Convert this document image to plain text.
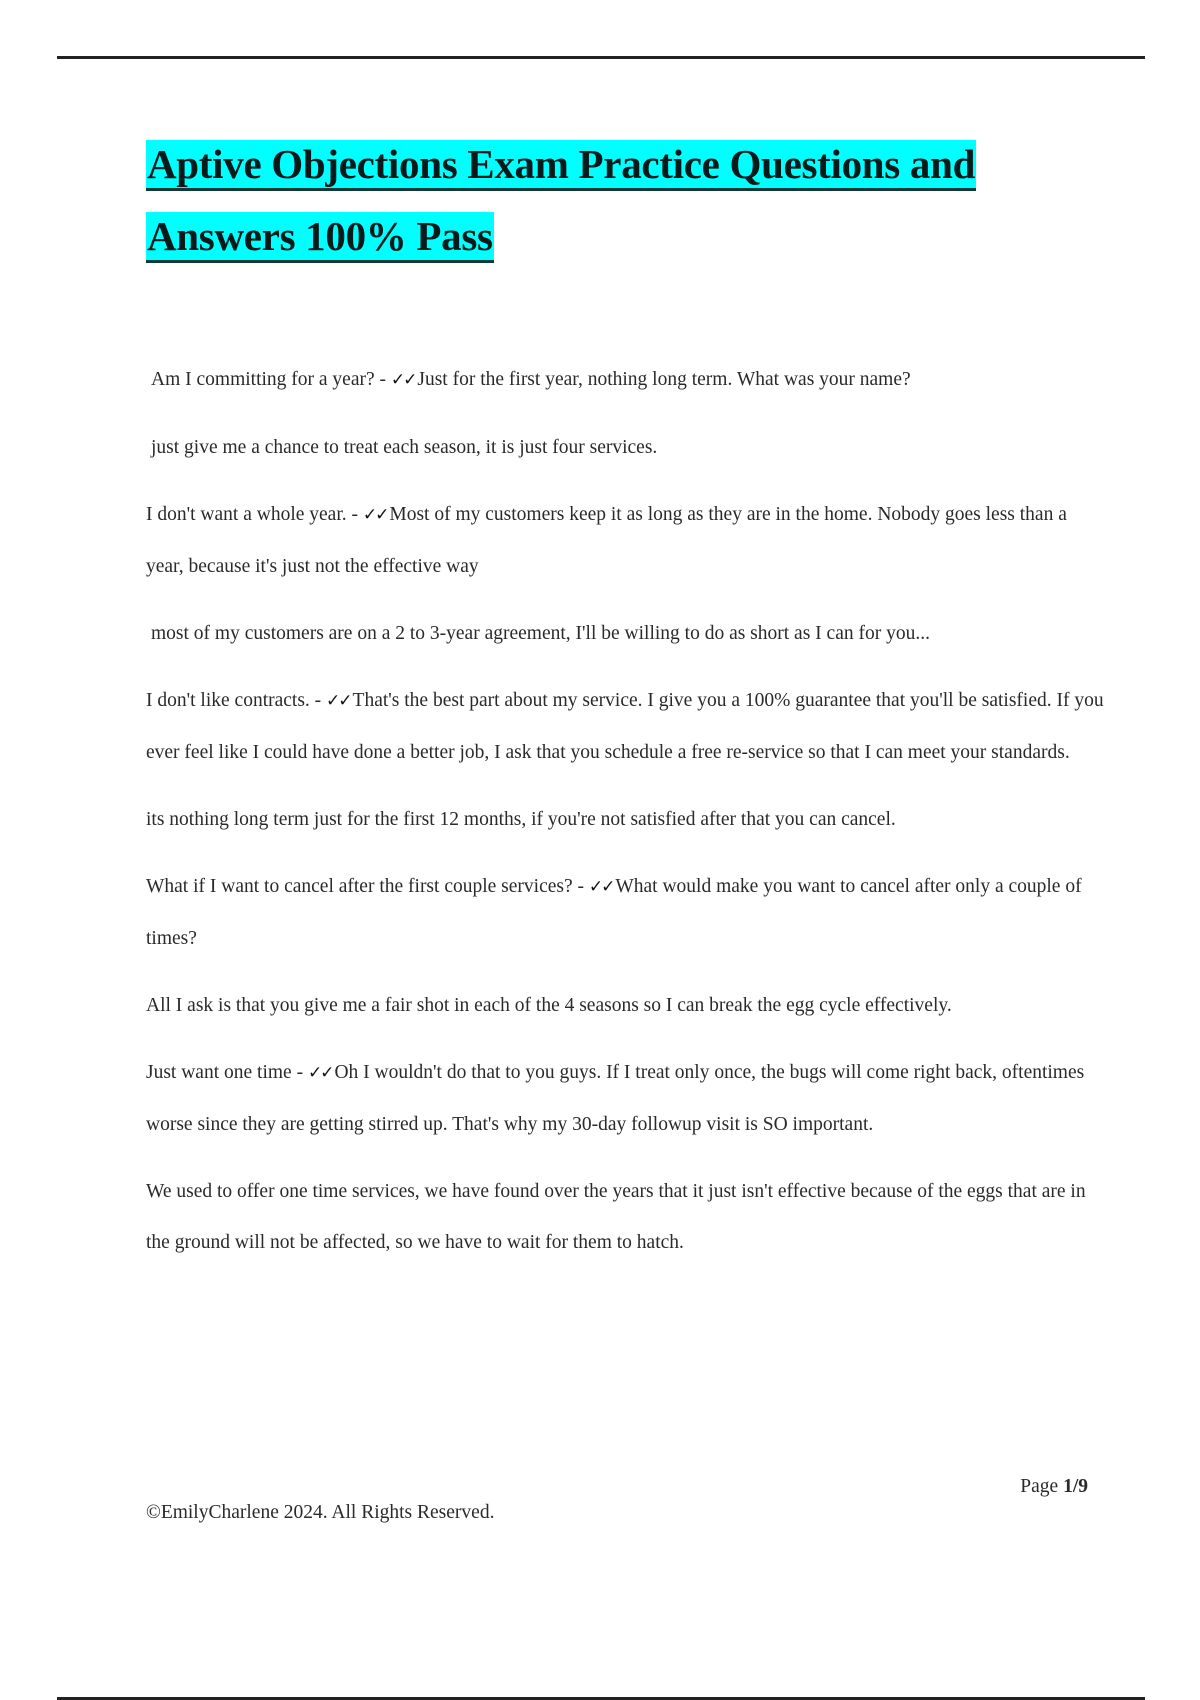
Aptive Objections Exam Practice Questions and
Answers 100% Pass

Am I committing for a year? - ✓✓ Just for the first year, nothing long term. What was your name?

just give me a chance to treat each season, it is just four services.

I don't want a whole year. - ✓✓ Most of my customers keep it as long as they are in the home. Nobody goes less than a year, because it's just not the effective way

most of my customers are on a 2 to 3-year agreement, I'll be willing to do as short as I can for you...

I don't like contracts. - ✓✓ That's the best part about my service. I give you a 100% guarantee that you'll be satisfied. If you ever feel like I could have done a better job, I ask that you schedule a free re-service so that I can meet your standards.

its nothing long term just for the first 12 months, if you're not satisfied after that you can cancel.

What if I want to cancel after the first couple services? - ✓✓ What would make you want to cancel after only a couple of times?

All I ask is that you give me a fair shot in each of the 4 seasons so I can break the egg cycle effectively.

Just want one time - ✓✓ Oh I wouldn't do that to you guys. If I treat only once, the bugs will come right back, oftentimes worse since they are getting stirred up. That's why my 30-day followup visit is SO important.

We used to offer one time services, we have found over the years that it just isn't effective because of the eggs that are in the ground will not be affected, so we have to wait for them to hatch.

Page 1/9
©EmilyCharlene 2024. All Rights Reserved.
